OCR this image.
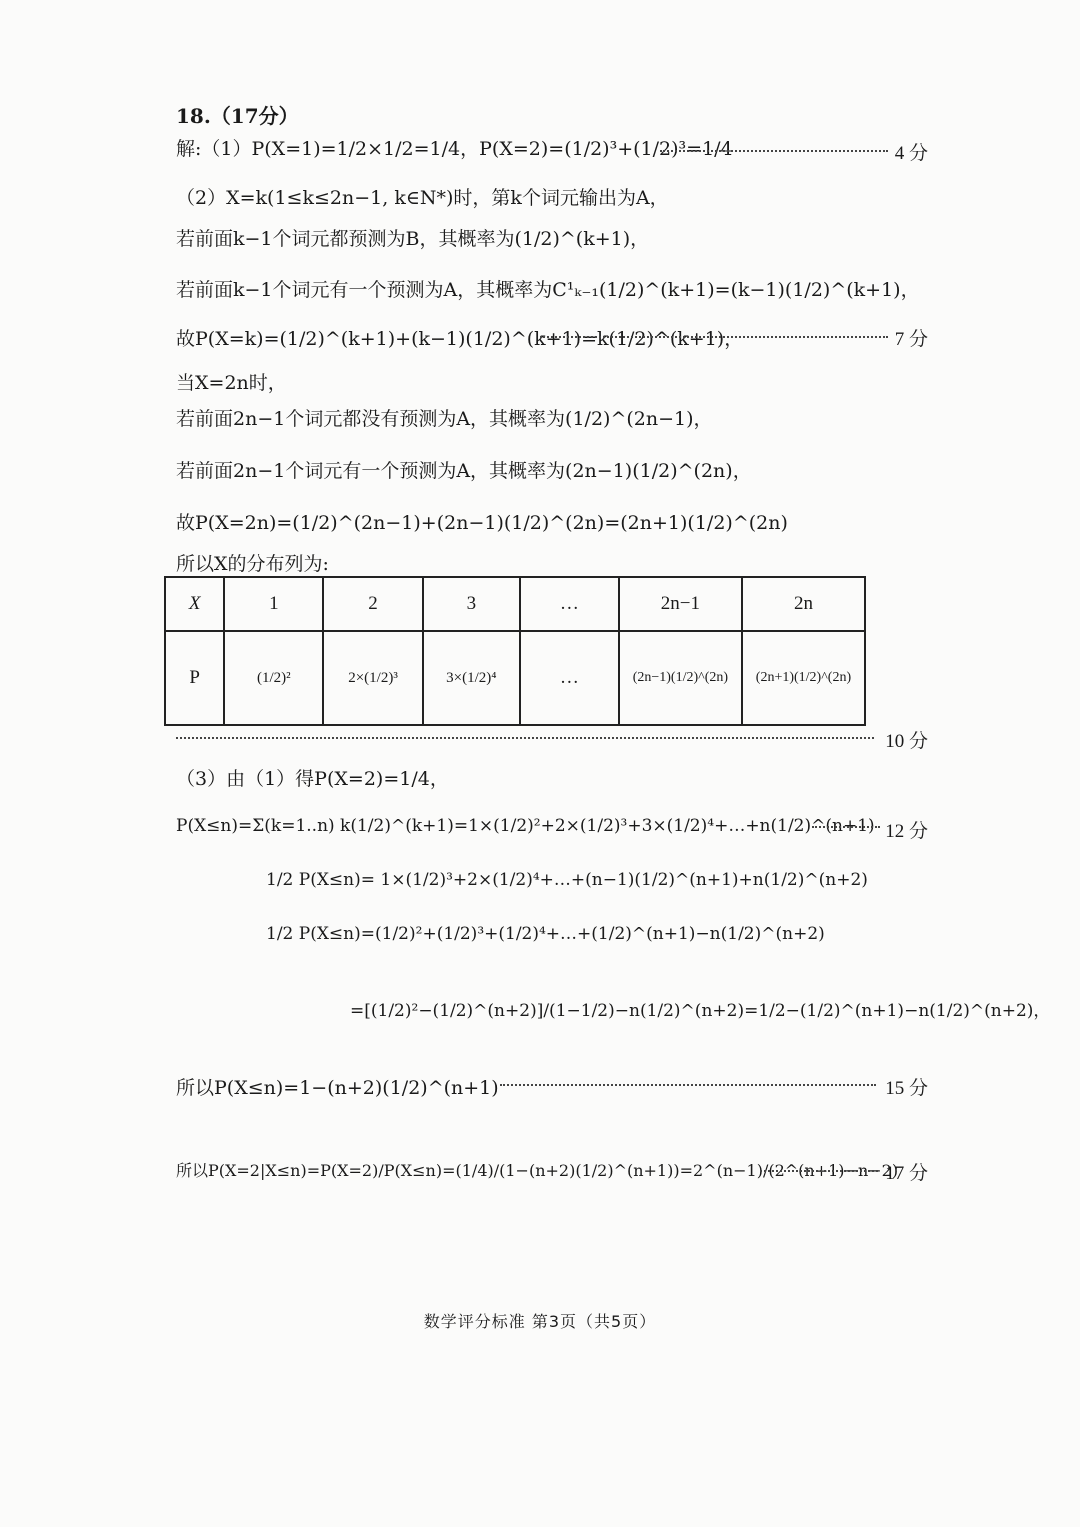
18.（17分）
解:（1）P(X=1)=1/2×1/2=1/4，P(X=2)=(1/2)³+(1/2)³=1/4	4 分
（2）X=k(1≤k≤2n−1, k∈N*)时，第k个词元输出为A，
若前面k−1个词元都预测为B，其概率为(1/2)^(k+1)，
若前面k−1个词元有一个预测为A，其概率为C¹ₖ₋₁(1/2)^(k+1)=(k−1)(1/2)^(k+1)，
故P(X=k)=(1/2)^(k+1)+(k−1)(1/2)^(k+1)=k(1/2)^(k+1)，	7 分
当X=2n时，
若前面2n−1个词元都没有预测为A，其概率为(1/2)^(2n−1)，
若前面2n−1个词元有一个预测为A，其概率为(2n−1)(1/2)^(2n)，
故P(X=2n)=(1/2)^(2n−1)+(2n−1)(1/2)^(2n)=(2n+1)(1/2)^(2n)
所以X的分布列为:
X	1	2	3	…	2n−1	2n
P	(1/2)²	2×(1/2)³	3×(1/2)⁴	…	(2n−1)(1/2)^(2n)	(2n+1)(1/2)^(2n)
10 分
（3）由（1）得P(X=2)=1/4，
P(X≤n)=Σ(k=1..n) k(1/2)^(k+1)=1×(1/2)²+2×(1/2)³+3×(1/2)⁴+…+n(1/2)^(n+1) 12 分
1/2 P(X≤n)= 1×(1/2)³+2×(1/2)⁴+…+(n−1)(1/2)^(n+1)+n(1/2)^(n+2)
1/2 P(X≤n)=(1/2)²+(1/2)³+(1/2)⁴+…+(1/2)^(n+1)−n(1/2)^(n+2)
=[(1/2)²−(1/2)^(n+2)]/(1−1/2)−n(1/2)^(n+2)=1/2−(1/2)^(n+1)−n(1/2)^(n+2)，
所以P(X≤n)=1−(n+2)(1/2)^(n+1)	15 分
所以P(X=2|X≤n)=P(X=2)/P(X≤n)=(1/4)/(1−(n+2)(1/2)^(n+1))=2^(n−1)/(2^(n+1)−n−2)
17 分
数学评分标准 第3页（共5页）
